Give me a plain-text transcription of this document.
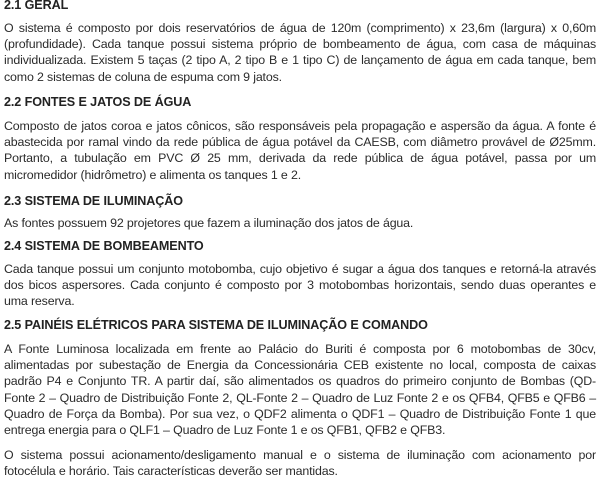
2.1 GERAL

O sistema é composto por dois reservatórios de água de 120m (comprimento) x 23,6m (largura) x 0,60m (profundidade). Cada tanque possui sistema próprio de bombeamento de água, com casa de máquinas individualizada. Existem 5 taças (2 tipo A, 2 tipo B e 1 tipo C) de lançamento de água em cada tanque, bem como 2 sistemas de coluna de espuma com 9 jatos.

2.2 FONTES E JATOS DE ÁGUA

Composto de jatos coroa e jatos cônicos, são responsáveis pela propagação e aspersão da água. A fonte é abastecida por ramal vindo da rede pública de água potável da CAESB, com diâmetro provável de Ø25mm. Portanto, a tubulação em PVC Ø 25 mm, derivada da rede pública de água potável, passa por um micromedidor (hidrômetro) e alimenta os tanques 1 e 2.

2.3 SISTEMA DE ILUMINAÇÃO

As fontes possuem 92 projetores que fazem a iluminação dos jatos de água.

2.4 SISTEMA DE BOMBEAMENTO

Cada tanque possui um conjunto motobomba, cujo objetivo é sugar a água dos tanques e retorná-la através dos bicos aspersores. Cada conjunto é composto por 3 motobombas horizontais, sendo duas operantes e uma reserva.

2.5 PAINÉIS ELÉTRICOS PARA SISTEMA DE ILUMINAÇÃO E COMANDO

A Fonte Luminosa localizada em frente ao Palácio do Buriti é composta por 6 motobombas de 30cv, alimentadas por subestação de Energia da Concessionária CEB existente no local, composta de caixas padrão P4 e Conjunto TR. A partir daí, são alimentados os quadros do primeiro conjunto de Bombas (QD-Fonte 2 – Quadro de Distribuição Fonte 2, QL-Fonte 2 – Quadro de Luz Fonte 2 e os QFB4, QFB5 e QFB6 – Quadro de Força da Bomba). Por sua vez, o QDF2 alimenta o QDF1 – Quadro de Distribuição Fonte 1 que entrega energia para o QLF1 – Quadro de Luz Fonte 1 e os QFB1, QFB2 e QFB3.

O sistema possui acionamento/desligamento manual e o sistema de iluminação com acionamento por fotocélula e horário. Tais características deverão ser mantidas.
